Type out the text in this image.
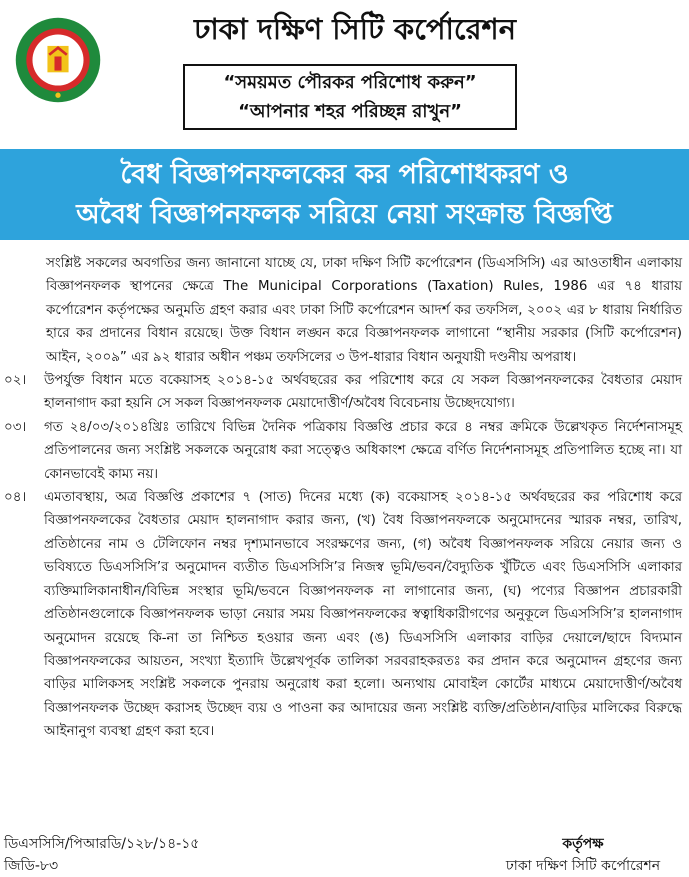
ঢাকা দক্ষিণ সিটি কর্পোরেশন
“সময়মত পৌরকর পরিশোধ করুন”
“আপনার শহর পরিচ্ছন্ন রাখুন”
বৈধ বিজ্ঞাপনফলকের কর পরিশোধকরণ ও
অবৈধ বিজ্ঞাপনফলক সরিয়ে নেয়া সংক্রান্ত বিজ্ঞপ্তি

সংশ্লিষ্ট সকলের অবগতির জন্য জানানো যাচ্ছে যে, ঢাকা দক্ষিণ সিটি কর্পোরেশন (ডিএসসিসি) এর আওতাধীন এলাকায় বিজ্ঞাপনফলক স্থাপনের ক্ষেত্রে The Municipal Corporations (Taxation) Rules, 1986 এর ৭৪ ধারায় কর্পোরেশন কর্তৃপক্ষের অনুমতি গ্রহণ করার এবং ঢাকা সিটি কর্পোরেশন আদর্শ কর তফসিল, ২০০২ এর ৮ ধারায় নির্ধারিত হারে কর প্রদানের বিধান রয়েছে। উক্ত বিধান লঙ্ঘন করে বিজ্ঞাপনফলক লাগানো “স্থানীয় সরকার (সিটি কর্পোরেশন) আইন, ২০০৯” এর ৯২ ধারার অধীন পঞ্চম তফসিলের ৩ উপ-ধারার বিধান অনুযায়ী দণ্ডনীয় অপরাধ।

০২।	উপর্যুক্ত বিধান মতে বকেয়াসহ ২০১৪-১৫ অর্থবছরের কর পরিশোধ করে যে সকল বিজ্ঞাপনফলকের বৈধতার মেয়াদ হালনাগাদ করা হয়নি সে সকল বিজ্ঞাপনফলক মেয়াদোত্তীর্ণ/অবৈধ বিবেচনায় উচ্ছেদযোগ্য।
০৩।	গত ২৪/০৩/২০১৪খ্রিঃ তারিখে বিভিন্ন দৈনিক পত্রিকায় বিজ্ঞপ্তি প্রচার করে ৪ নম্বর ক্রমিকে উল্লেখকৃত নির্দেশনাসমূহ প্রতিপালনের জন্য সংশ্লিষ্ট সকলকে অনুরোধ করা সত্ত্বেও অধিকাংশ ক্ষেত্রে বর্ণিত নির্দেশনাসমূহ প্রতিপালিত হচ্ছে না। যা কোনভাবেই কাম্য নয়।
০৪।	এমতাবস্থায়, অত্র বিজ্ঞপ্তি প্রকাশের ৭ (সাত) দিনের মধ্যে (ক) বকেয়াসহ ২০১৪-১৫ অর্থবছরের কর পরিশোধ করে বিজ্ঞাপনফলকের বৈধতার মেয়াদ হালনাগাদ করার জন্য, (খ) বৈধ বিজ্ঞাপনফলকে অনুমোদনের স্মারক নম্বর, তারিখ, প্রতিষ্ঠানের নাম ও টেলিফোন নম্বর দৃশ্যমানভাবে সংরক্ষণের জন্য, (গ) অবৈধ বিজ্ঞাপনফলক সরিয়ে নেয়ার জন্য ও ভবিষ্যতে ডিএসসিসি’র অনুমোদন ব্যতীত ডিএসসিসি’র নিজস্ব ভূমি/ভবন/বৈদ্যুতিক খুঁটিতে এবং ডিএসসিসি এলাকার ব্যক্তিমালিকানাধীন/বিভিন্ন সংস্থার ভূমি/ভবনে বিজ্ঞাপনফলক না লাগানোর জন্য, (ঘ) পণ্যের বিজ্ঞাপন প্রচারকারী প্রতিষ্ঠানগুলোকে বিজ্ঞাপনফলক ভাড়া নেয়ার সময় বিজ্ঞাপনফলকের স্বত্বাধিকারীগণের অনুকূলে ডিএসসিসি’র হালনাগাদ অনুমোদন রয়েছে কি-না তা নিশ্চিত হওয়ার জন্য এবং (ঙ) ডিএসসিসি এলাকার বাড়ির দেয়ালে/ছাদে বিদ্যমান বিজ্ঞাপনফলকের আয়তন, সংখ্যা ইত্যাদি উল্লেখপূর্বক তালিকা সরবরাহকরতঃ কর প্রদান করে অনুমোদন গ্রহণের জন্য বাড়ির মালিকসহ সংশ্লিষ্ট সকলকে পুনরায় অনুরোধ করা হলো। অন্যথায় মোবাইল কোর্টের মাধ্যমে মেয়াদোত্তীর্ণ/অবৈধ বিজ্ঞাপনফলক উচ্ছেদ করাসহ উচ্ছেদ ব্যয় ও পাওনা কর আদায়ের জন্য সংশ্লিষ্ট ব্যক্তি/প্রতিষ্ঠান/বাড়ির মালিকের বিরুদ্ধে আইনানুগ ব্যবস্থা গ্রহণ করা হবে।
ডিএসসিসি/পিআরডি/১২৮/১৪-১৫
জিডি-৮৩
কর্তৃপক্ষ
ঢাকা দক্ষিণ সিটি কর্পোরেশন
